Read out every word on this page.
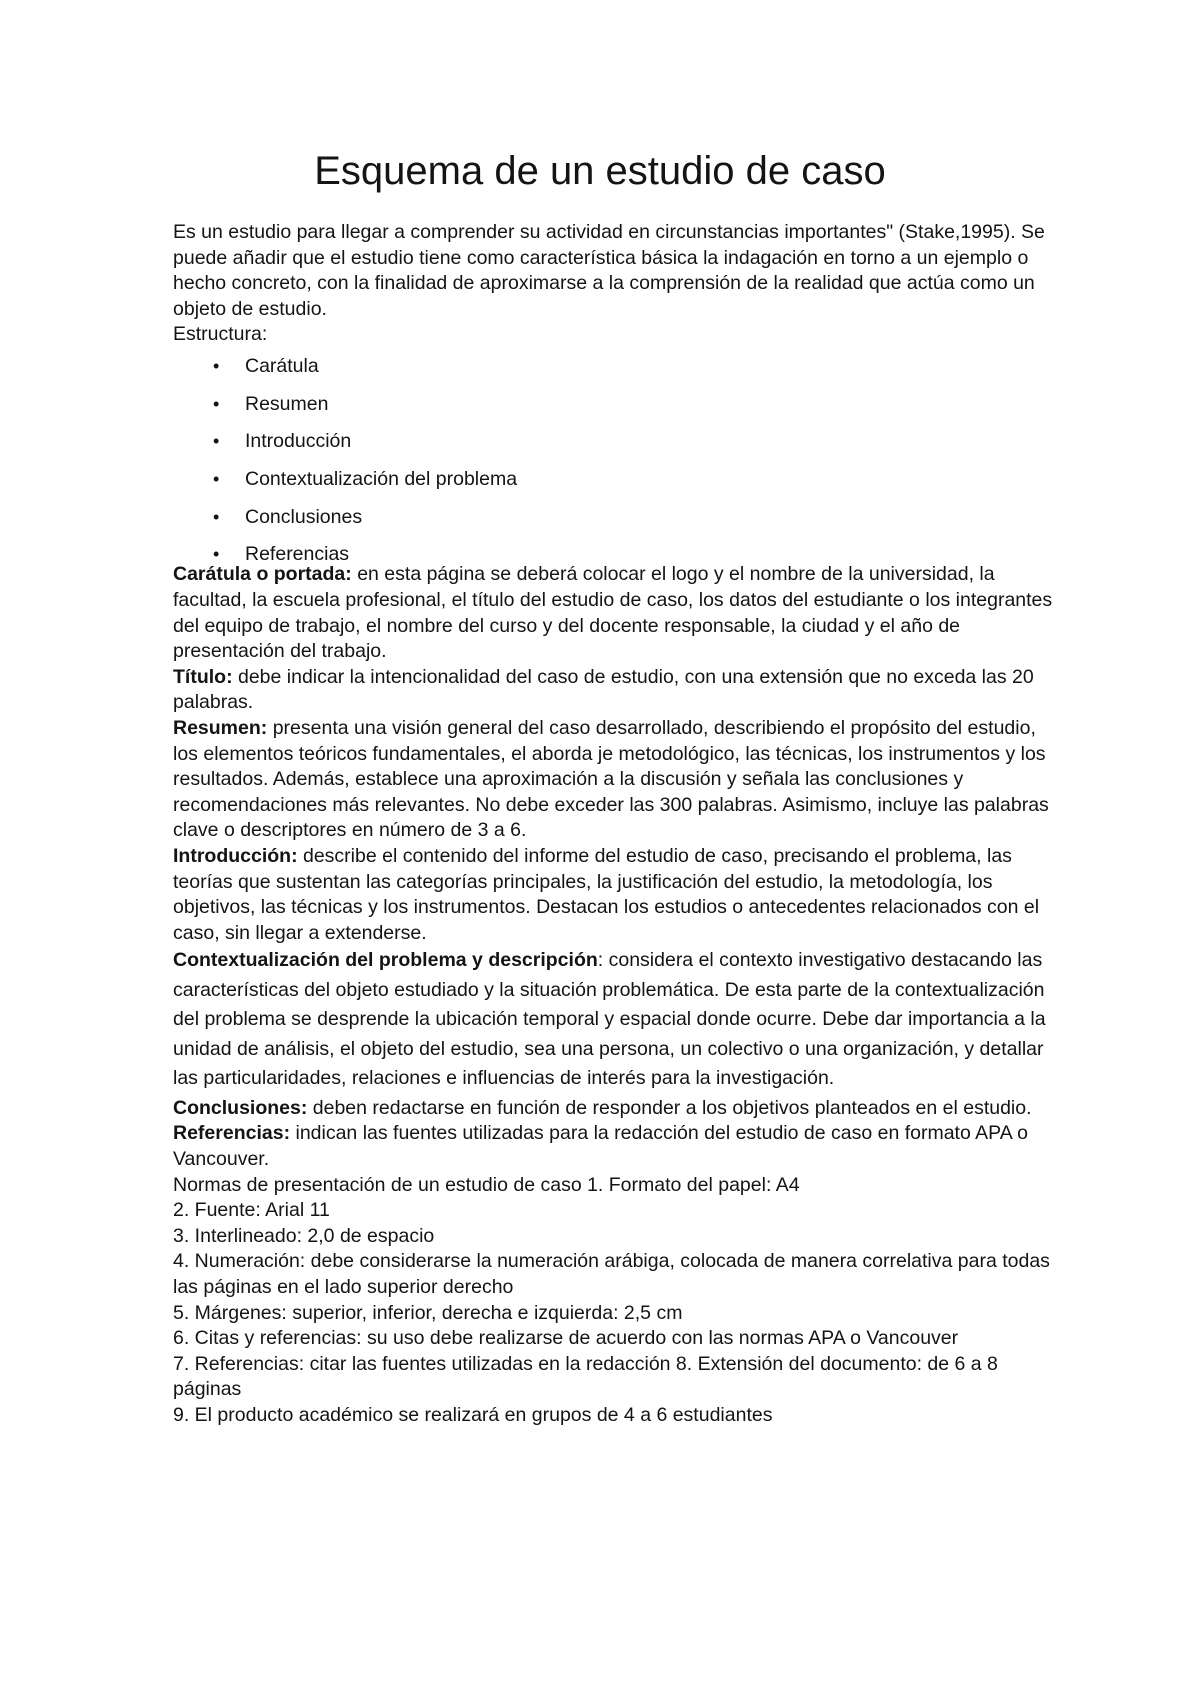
Esquema de un estudio de caso

Es un estudio para llegar a comprender su actividad en circunstancias importantes" (Stake,1995). Se puede añadir que el estudio tiene como característica básica la indagación en torno a un ejemplo o hecho concreto, con la finalidad de aproximarse a la comprensión de la realidad que actúa como un objeto de estudio.

Estructura:

• Carátula
• Resumen
• Introducción
• Contextualización del problema
• Conclusiones
• Referencias

Carátula o portada: en esta página se deberá colocar el logo y el nombre de la universidad, la facultad, la escuela profesional, el título del estudio de caso, los datos del estudiante o los integrantes del equipo de trabajo, el nombre del curso y del docente responsable, la ciudad y el año de presentación del trabajo.

Título: debe indicar la intencionalidad del caso de estudio, con una extensión que no exceda las 20 palabras.

Resumen: presenta una visión general del caso desarrollado, describiendo el propósito del estudio, los elementos teóricos fundamentales, el aborda je metodológico, las técnicas, los instrumentos y los resultados. Además, establece una aproximación a la discusión y señala las conclusiones y recomendaciones más relevantes. No debe exceder las 300 palabras. Asimismo, incluye las palabras clave o descriptores en número de 3 a 6.

Introducción: describe el contenido del informe del estudio de caso, precisando el problema, las teorías que sustentan las categorías principales, la justificación del estudio, la metodología, los objetivos, las técnicas y los instrumentos. Destacan los estudios o antecedentes relacionados con el caso, sin llegar a extenderse.

Contextualización del problema y descripción: considera el contexto investigativo destacando las características del objeto estudiado y la situación problemática. De esta parte de la contextualización del problema se desprende la ubicación temporal y espacial donde ocurre. Debe dar importancia a la unidad de análisis, el objeto del estudio, sea una persona, un colectivo o una organización, y detallar las particularidades, relaciones e influencias de interés para la investigación.

Conclusiones: deben redactarse en función de responder a los objetivos planteados en el estudio.

Referencias: indican las fuentes utilizadas para la redacción del estudio de caso en formato APA o Vancouver.

Normas de presentación de un estudio de caso 1. Formato del papel: A4

2. Fuente: Arial 11

3. Interlineado: 2,0 de espacio

4. Numeración: debe considerarse la numeración arábiga, colocada de manera correlativa para todas las páginas en el lado superior derecho

5. Márgenes: superior, inferior, derecha e izquierda: 2,5 cm

6. Citas y referencias: su uso debe realizarse de acuerdo con las normas APA o Vancouver

7. Referencias: citar las fuentes utilizadas en la redacción 8. Extensión del documento: de 6 a 8 páginas

9. El producto académico se realizará en grupos de 4 a 6 estudiantes
